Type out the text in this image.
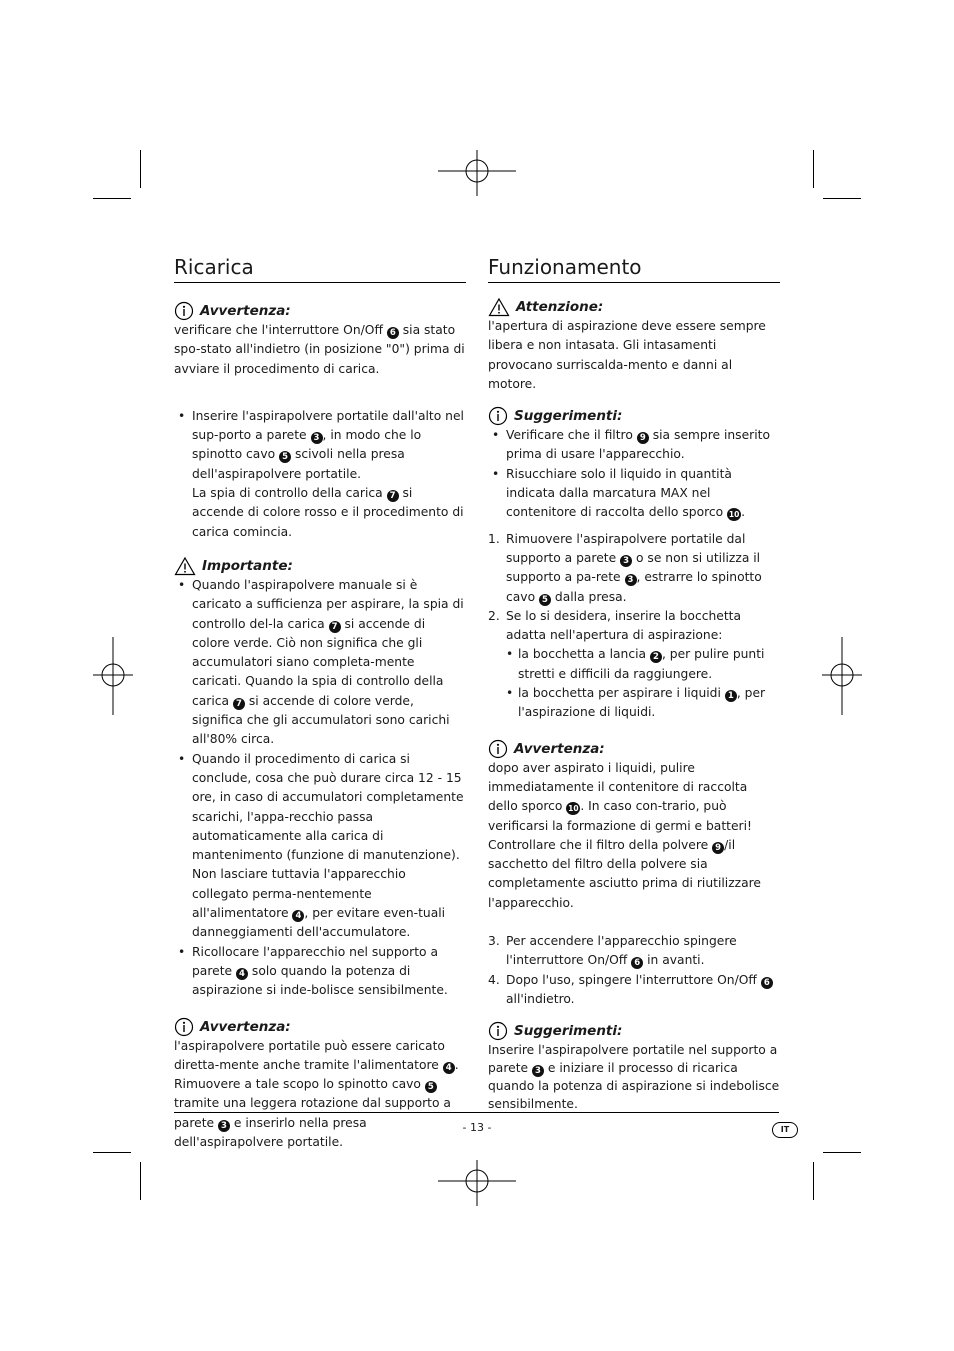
Ricarica
Avvertenza:

verificare che l'interruttore On/Off 6 sia stato spo-stato all'indietro (in posizione "0") prima di avviare il procedimento di carica.

• Inserire l'aspirapolvere portatile dall'alto nel sup-porto a parete 3 , in modo che lo spinotto cavo 5 scivoli nella presa dell'aspirapolvere portatile.
La spia di controllo della carica 7 si accende di colore rosso e il procedimento di carica comincia.
Importante:
• Quando l'aspirapolvere manuale si è caricato a sufficienza per aspirare, la spia di controllo del-la carica 7 si accende di colore verde. Ciò non significa che gli accumulatori siano completa-mente caricati. Quando la spia di controllo della carica 7 si accende di colore verde, significa che gli accumulatori sono carichi all'80% circa.
• Quando il procedimento di carica si conclude, cosa che può durare circa 12 - 15 ore, in caso di accumulatori completamente scarichi, l'appa-recchio passa automaticamente alla carica di mantenimento (funzione di manutenzione). Non lasciare tuttavia l'apparecchio collegato perma-nentemente all'alimentatore 4 , per evitare even-tuali danneggiamenti dell'accumulatore.
• Ricollocare l'apparecchio nel supporto a parete 4 solo quando la potenza di aspirazione si inde-bolisce sensibilmente.
Avvertenza:

l'aspirapolvere portatile può essere caricato diretta-mente anche tramite l'alimentatore 4 . Rimuovere a tale scopo lo spinotto cavo 5 tramite una leggera rotazione dal supporto a parete 3 e inserirlo nella presa dell'aspirapolvere portatile.

Funzionamento
Attenzione:

l'apertura di aspirazione deve essere sempre libera e non intasata. Gli intasamenti provocano surriscalda-mento e danni al motore.

Suggerimenti:
• Verificare che il filtro 9 sia sempre inserito prima di usare l'apparecchio.
• Risucchiare solo il liquido in quantità indicata dalla marcatura MAX nel contenitore di raccolta dello sporco 10 .
1. Rimuovere l'aspirapolvere portatile dal supporto a parete 3 o se non si utilizza il supporto a pa-rete 3 , estrarre lo spinotto cavo 5 dalla presa.
2. Se lo si desidera, inserire la bocchetta adatta nell'apertura di aspirazione:
• la bocchetta a lancia 2 , per pulire punti stretti e difficili da raggiungere.
• la bocchetta per aspirare i liquidi 1 , per l'aspirazione di liquidi.
Avvertenza:

dopo aver aspirato i liquidi, pulire immediatamente il contenitore di raccolta dello sporco 10 . In caso con-trario, può verificarsi la formazione di germi e batteri! Controllare che il filtro della polvere 9 /il sacchetto del filtro della polvere sia completamente asciutto prima di riutilizzare l'apparecchio.

3. Per accendere l'apparecchio spingere l'interruttore On/Off 6 in avanti.
4. Dopo l'uso, spingere l'interruttore On/Off 6 all'indietro.
Suggerimenti:

Inserire l'aspirapolvere portatile nel supporto a parete 3 e iniziare il processo di ricarica quando la potenza di aspirazione si indebolisce sensibilmente.

- 13 -	IT
